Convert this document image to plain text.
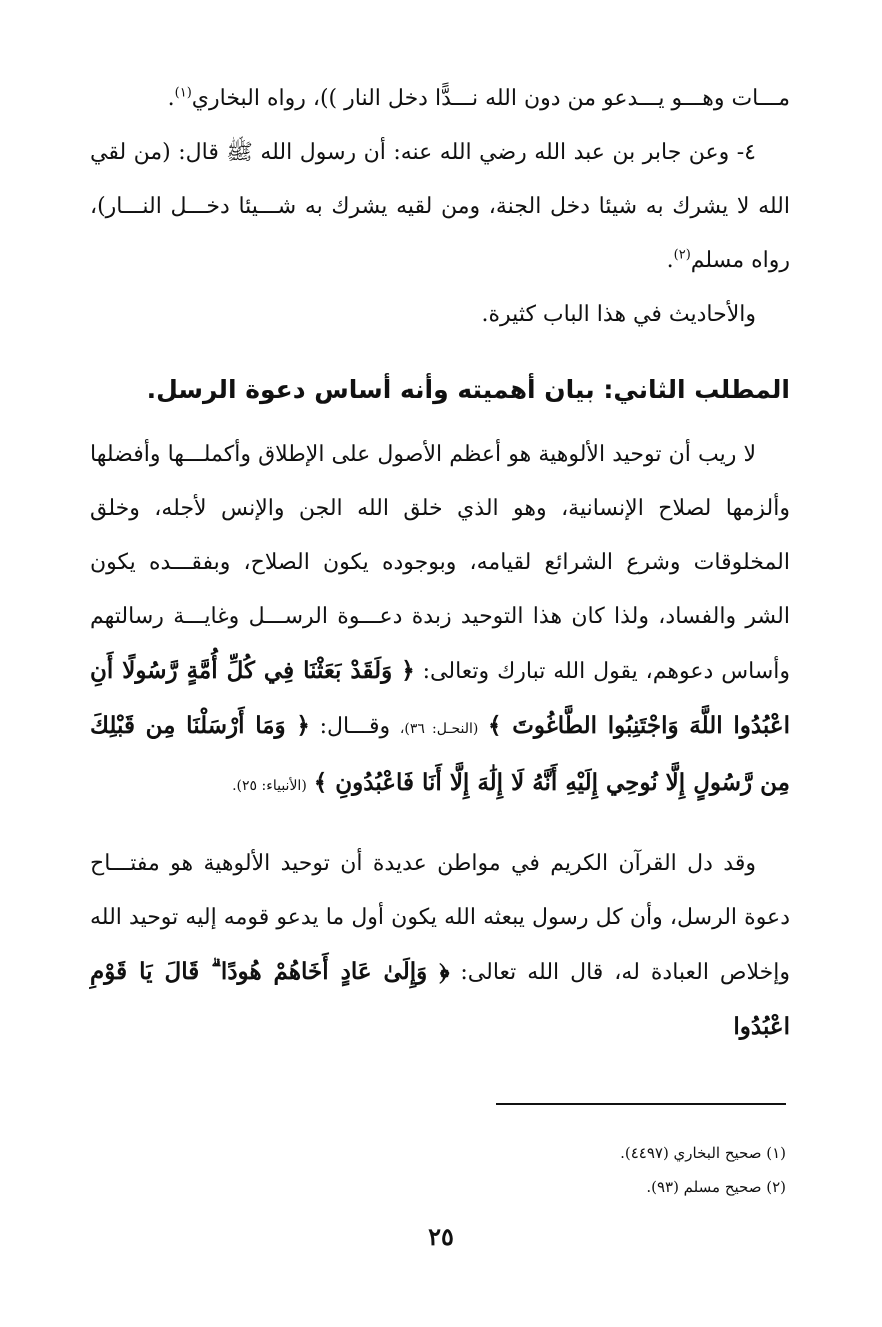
مـــات وهـــو يـــدعو من دون الله نـــدًّا دخل النار ))، رواه البخاري$^{(١)}$.

٤- وعن جابر بن عبد الله رضي الله عنه: أن رسول الله ﷺ قال: (من لقي الله لا يشرك به شيئا دخل الجنة، ومن لقيه يشرك به شـــيئا دخـــل النـــار)، رواه مسلم$^{(٢)}$.

والأحاديث في هذا الباب كثيرة.

المطلب الثاني: بيان أهميته وأنه أساس دعوة الرسل.

لا ريب أن توحيد الألوهية هو أعظم الأصول على الإطلاق وأكملـــها وأفضلها وألزمها لصلاح الإنسانية، وهو الذي خلق الله الجن والإنس لأجله، وخلق المخلوقات وشرع الشرائع لقيامه، وبوجوده يكون الصلاح، وبفقـــده يكون الشر والفساد، ولذا كان هذا التوحيد زبدة دعـــوة الرســـل وغايـــة رسالتهم وأساس دعوهم، يقول الله تبارك وتعالى: ﴿ وَلَقَدْ بَعَثْنَا فِي كُلِّ أُمَّةٍ رَّسُولًا أَنِ اعْبُدُوا اللَّهَ وَاجْتَنِبُوا الطَّاغُوتَ ﴾ (النحـل: ٣٦)، وقـــال: ﴿ وَمَا أَرْسَلْنَا مِن قَبْلِكَ مِن رَّسُولٍ إِلَّا نُوحِي إِلَيْهِ أَنَّهُ لَا إِلَٰهَ إِلَّا أَنَا فَاعْبُدُونِ ﴾ (الأنبياء: ٢٥).

وقد دل القرآن الكريم في مواطن عديدة أن توحيد الألوهية هو مفتـــاح دعوة الرسل، وأن كل رسول يبعثه الله يكون أول ما يدعو قومه إليه توحيد الله وإخلاص العبادة له، قال الله تعالى: ﴿ وَإِلَىٰ عَادٍ أَخَاهُمْ هُودًا ۗ قَالَ يَا قَوْمِ اعْبُدُوا

(١) صحيح البخاري (٤٤٩٧).
(٢) صحيح مسلم (٩٣).
٢٥
